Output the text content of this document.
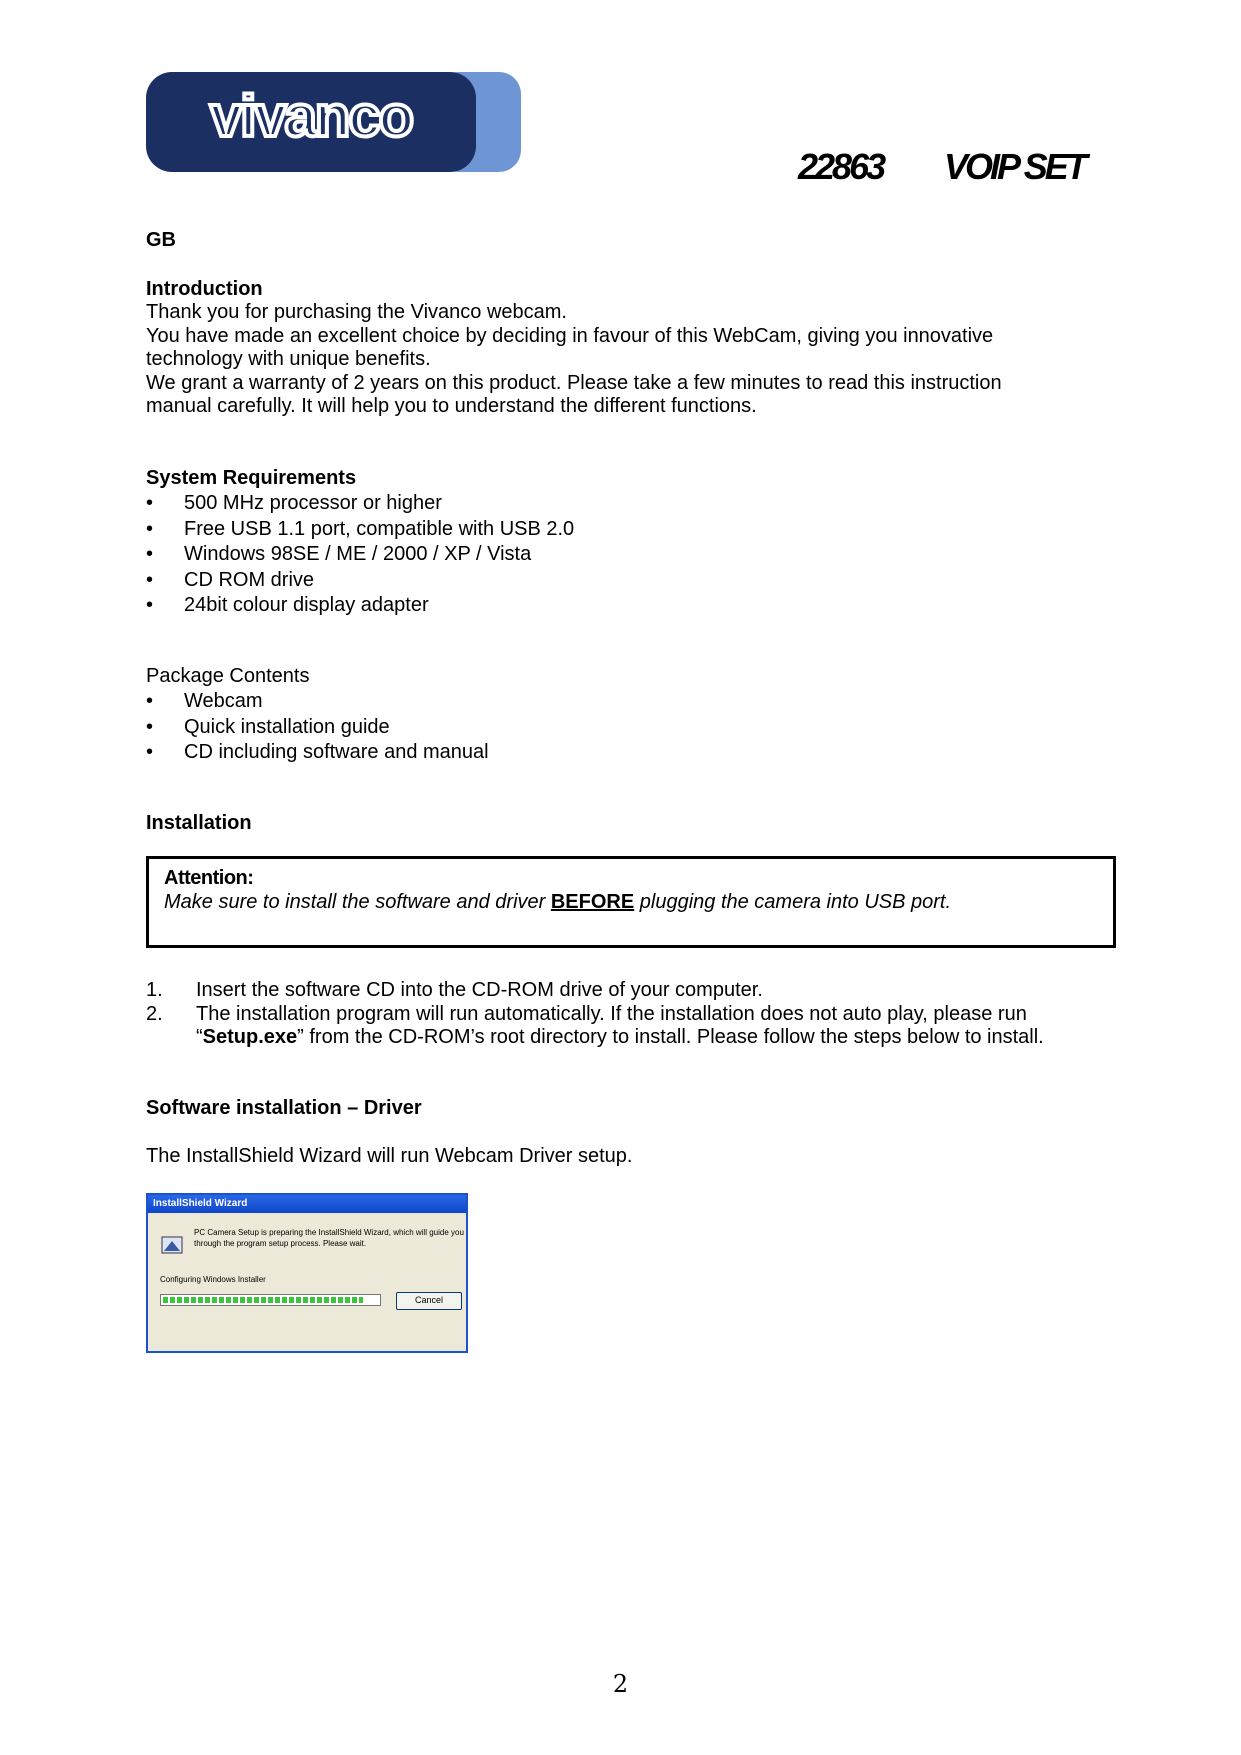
vivanco
22863 VOIP SET
GB
Introduction
Thank you for purchasing the Vivanco webcam.
You have made an excellent choice by deciding in favour of this WebCam, giving you innovative
technology with unique benefits.
We grant a warranty of 2 years on this product. Please take a few minutes to read this instruction
manual carefully. It will help you to understand the different functions.
System Requirements
• 500 MHz processor or higher
• Free USB 1.1 port, compatible with USB 2.0
• Windows 98SE / ME / 2000 / XP / Vista
• CD ROM drive
• 24bit colour display adapter
Package Contents
• Webcam
• Quick installation guide
• CD including software and manual
Installation
Attention:
Make sure to install the software and driver BEFORE plugging the camera into USB port.
1. Insert the software CD into the CD-ROM drive of your computer.
2. The installation program will run automatically. If the installation does not auto play, please run
“Setup.exe” from the CD-ROM’s root directory to install. Please follow the steps below to install.
Software installation – Driver
The InstallShield Wizard will run Webcam Driver setup.
InstallShield Wizard
PC Camera Setup is preparing the InstallShield Wizard, which will guide you through the program setup process. Please wait.
Configuring Windows Installer
Cancel
2
